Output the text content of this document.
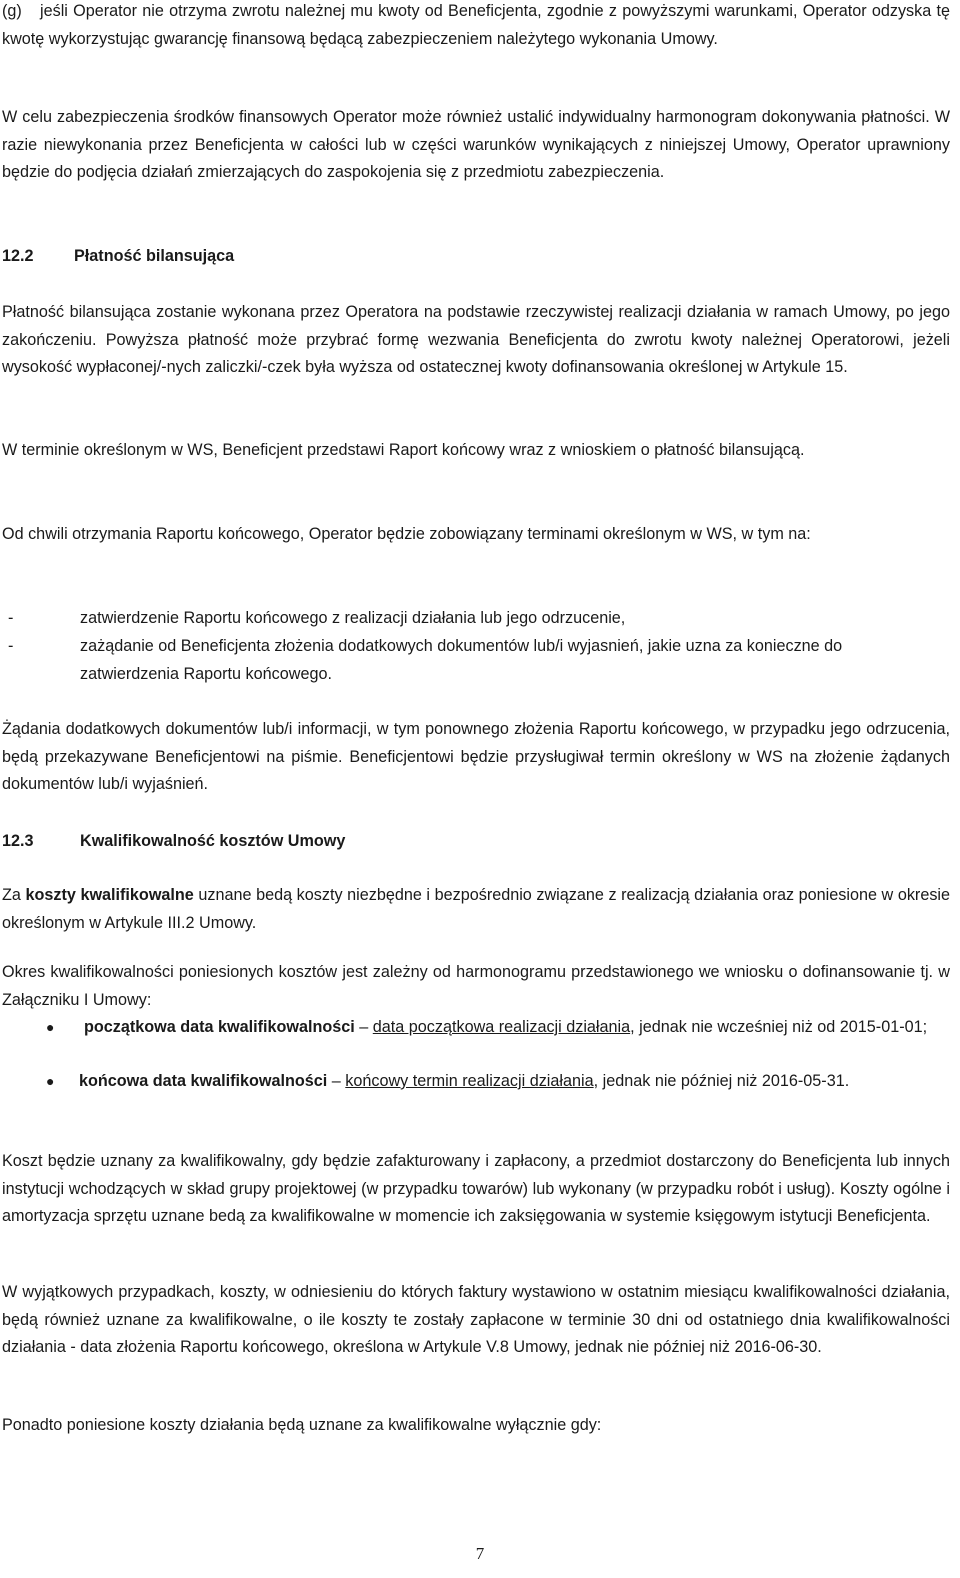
(g) jeśli Operator nie otrzyma zwrotu należnej mu kwoty od Beneficjenta, zgodnie z powyższymi warunkami, Operator odzyska tę kwotę wykorzystując gwarancję finansową będącą zabezpieczeniem należytego wykonania Umowy.

W celu zabezpieczenia środków finansowych Operator może również ustalić indywidualny harmonogram dokonywania płatności. W razie niewykonania przez Beneficjenta w całości lub w części warunków wynikających z niniejszej Umowy, Operator uprawniony będzie do podjęcia działań zmierzających do zaspokojenia się z przedmiotu zabezpieczenia.

12.2 Płatność bilansująca

Płatność bilansująca zostanie wykonana przez Operatora na podstawie rzeczywistej realizacji działania w ramach Umowy, po jego zakończeniu. Powyższa płatność może przybrać formę wezwania Beneficjenta do zwrotu kwoty należnej Operatorowi, jeżeli wysokość wypłaconej/-nych zaliczki/-czek była wyższa od ostatecznej kwoty dofinansowania określonej w Artykule 15.

W terminie określonym w WS, Beneficjent przedstawi Raport końcowy wraz z wnioskiem o płatność bilansującą.

Od chwili otrzymania Raportu końcowego, Operator będzie zobowiązany terminami określonym w WS, w tym na:

-	zatwierdzenie Raportu końcowego z realizacji działania lub jego odrzucenie,
-	zażądanie od Beneficjenta złożenia dodatkowych dokumentów lub/i wyjasnień, jakie uzna za konieczne do zatwierdzenia Raportu końcowego.

Żądania dodatkowych dokumentów lub/i informacji, w tym ponownego złożenia Raportu końcowego, w przypadku jego odrzucenia, będą przekazywane Beneficjentowi na piśmie. Beneficjentowi będzie przysługiwał termin określony w WS na złożenie żądanych dokumentów lub/i wyjaśnień.

12.3	Kwalifikowalność kosztów Umowy

Za koszty kwalifikowalne uznane bedą koszty niezbędne i bezpośrednio związane z realizacją działania oraz poniesione w okresie określonym w Artykule III.2 Umowy.

Okres kwalifikowalności poniesionych kosztów jest zależny od harmonogramu przedstawionego we wniosku o dofinansowanie tj. w Załączniku I Umowy:

● początkowa data kwalifikowalności – data początkowa realizacji działania, jednak nie wcześniej niż od 2015-01-01;
● końcowa data kwalifikowalności – końcowy termin realizacji działania, jednak nie później niż 2016-05-31.

Koszt będzie uznany za kwalifikowalny, gdy będzie zafakturowany i zapłacony, a przedmiot dostarczony do Beneficjenta lub innych instytucji wchodzących w skład grupy projektowej (w przypadku towarów) lub wykonany (w przypadku robót i usług). Koszty ogólne i amortyzacja sprzętu uznane bedą za kwalifikowalne w momencie ich zaksięgowania w systemie księgowym istytucji Beneficjenta.

W wyjątkowych przypadkach, koszty, w odniesieniu do których faktury wystawiono w ostatnim miesiącu kwalifikowalności działania, będą również uznane za kwalifikowalne, o ile koszty te zostały zapłacone w terminie 30 dni od ostatniego dnia kwalifikowalności działania - data złożenia Raportu końcowego, określona w Artykule V.8 Umowy, jednak nie później niż 2016-06-30.

Ponadto poniesione koszty działania będą uznane za kwalifikowalne wyłącznie gdy:

7
